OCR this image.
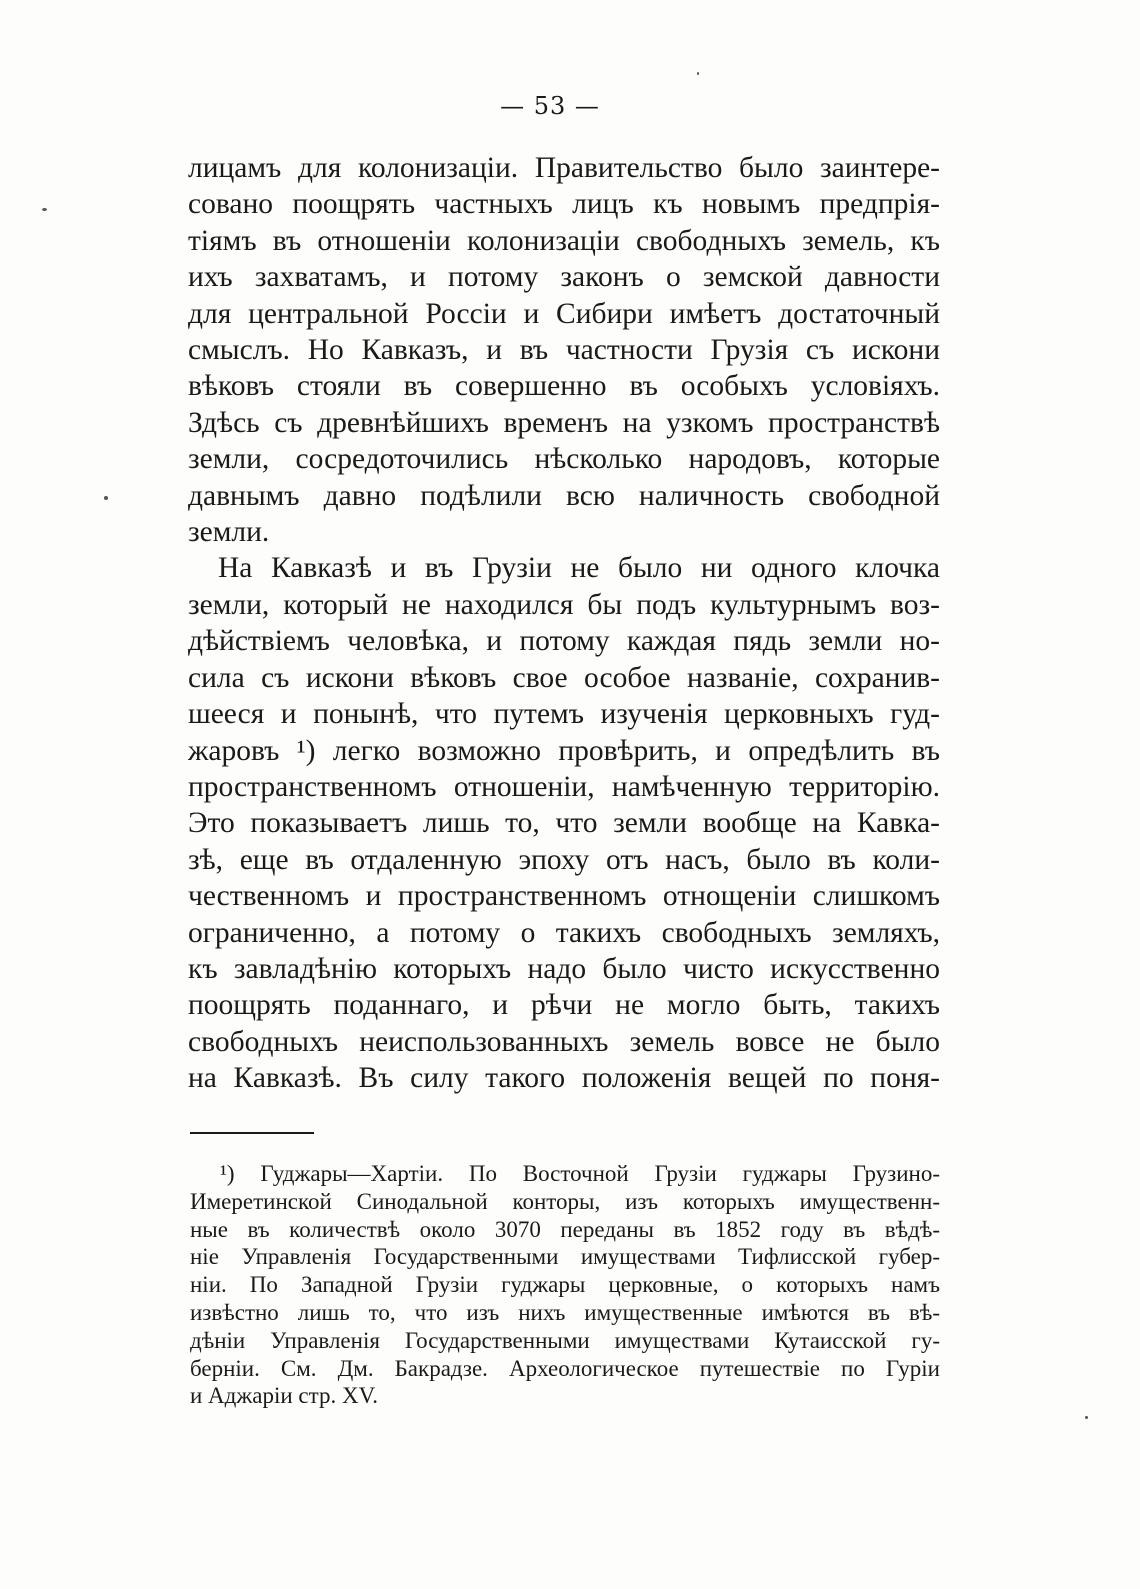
— 53 —
лицамъ для колонизацiи. Правительство было заинтере-
совано поощрять частныхъ лицъ къ новымъ предпрiя-
тiямъ въ отношенiи колонизацiи свободныхъ земель, къ
ихъ захватамъ, и потому законъ о земской давности
для центральной Россiи и Сибири имѣетъ достаточный
смыслъ. Но Кавказъ, и въ частности Грузiя съ искони
вѣковъ стояли въ совершенно въ особыхъ условiяхъ.
Здѣсь съ древнѣйшихъ временъ на узкомъ пространствѣ
земли, сосредоточились нѣсколько народовъ, которые
давнымъ давно подѣлили всю наличность свободной
земли.
На Кавказѣ и въ Грузiи не было ни одного клочка
земли, который не находился бы подъ культурнымъ воз-
дѣйствiемъ человѣка, и потому каждая пядь земли но-
сила съ искони вѣковъ свое особое названiе, сохранив-
шееся и понынѣ, что путемъ изученiя церковныхъ гуд-
жаровъ ¹) легко возможно провѣрить, и опредѣлить въ
пространственномъ отношенiи, намѣченную территорiю.
Это показываетъ лишь то, что земли вообще на Кавка-
зѣ, еще въ отдаленную эпоху отъ насъ, было въ коли-
чественномъ и пространственномъ отнощенiи слишкомъ
ограниченно, а потому о такихъ свободныхъ земляхъ,
къ завладѣнiю которыхъ надо было чисто искусственно
поощрять поданнаго, и рѣчи не могло быть, такихъ
свободныхъ неиспользованныхъ земель вовсе не было
на Кавказѣ. Въ силу такого положенiя вещей по поня-
¹) Гуджары—Хартiи. По Восточной Грузiи гуджары Грузино-
Имеретинской Синодальной конторы, изъ которыхъ имущественн-
ные въ количествѣ около 3070 переданы въ 1852 году въ вѣдѣ-
нiе Управленiя Государственными имуществами Тифлисской губер-
нiи. По Западной Грузiи гуджары церковные, о которыхъ намъ
извѣстно лишь то, что изъ нихъ имущественные имѣются въ вѣ-
дѣнiи Управленiя Государственными имуществами Кутаисской гу-
бернiи. См. Дм. Бакрадзе. Археологическое путешествiе по Гурiи
и Аджарiи стр. XV.
